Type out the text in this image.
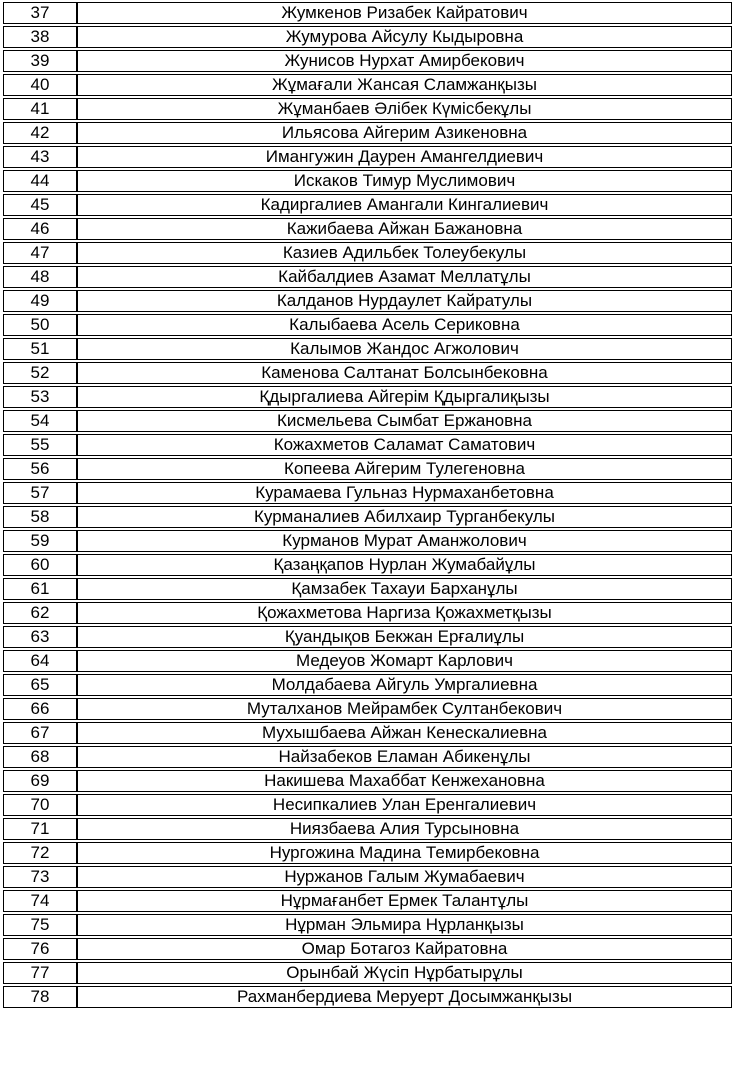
37	Жумкенов Ризабек Кайратович
38	Жумурова Айсулу Кыдыровна
39	Жунисов Нурхат Амирбекович
40	Жұмағали Жансая Сламжанқызы
41	Жұманбаев Әлібек Күмісбекұлы
42	Ильясова Айгерим Азикеновна
43	Имангужин Даурен Амангелдиевич
44	Искаков Тимур Муслимович
45	Кадиргалиев Амангали Кингалиевич
46	Кажибаева Айжан Бажановна
47	Казиев Адильбек Толеубекулы
48	Кайбалдиев Азамат Меллатұлы
49	Калданов Нурдаулет Кайратулы
50	Калыбаева Асель Сериковна
51	Калымов Жандос Агжолович
52	Каменова Салтанат Болсынбековна
53	Қдыргалиева Айгерім Қдыргалиқызы
54	Кисмельева Сымбат Ержановна
55	Кожахметов Саламат Саматович
56	Копеева Айгерим Тулегеновна
57	Курамаева Гульназ Нурмаханбетовна
58	Курманалиев Абилхаир Турганбекулы
59	Курманов Мурат Аманжолович
60	Қазаңқапов Нурлан Жумабайұлы
61	Қамзабек Тахауи Барханұлы
62	Қожахметова Наргиза Қожахметқызы
63	Қуандықов Бекжан Ерғалиұлы
64	Медеуов Жомарт Карлович
65	Молдабаева Айгуль Умргалиевна
66	Муталханов Мейрамбек Султанбекович
67	Мухышбаева Айжан Кенескалиевна
68	Найзабеков Еламан Абикенұлы
69	Накишева Махаббат Кенжехановна
70	Несипкалиев Улан Еренгалиевич
71	Ниязбаева Алия Турсыновна
72	Нургожина Мадина Темирбековна
73	Нуржанов Галым Жумабаевич
74	Нұрмағанбет Ермек Талантұлы
75	Нұрман Эльмира Нұрланқызы
76	Омар Ботагоз Кайратовна
77	Орынбай Жүсіп Нұрбатырұлы
78	Рахманбердиева Меруерт Досымжанқызы
